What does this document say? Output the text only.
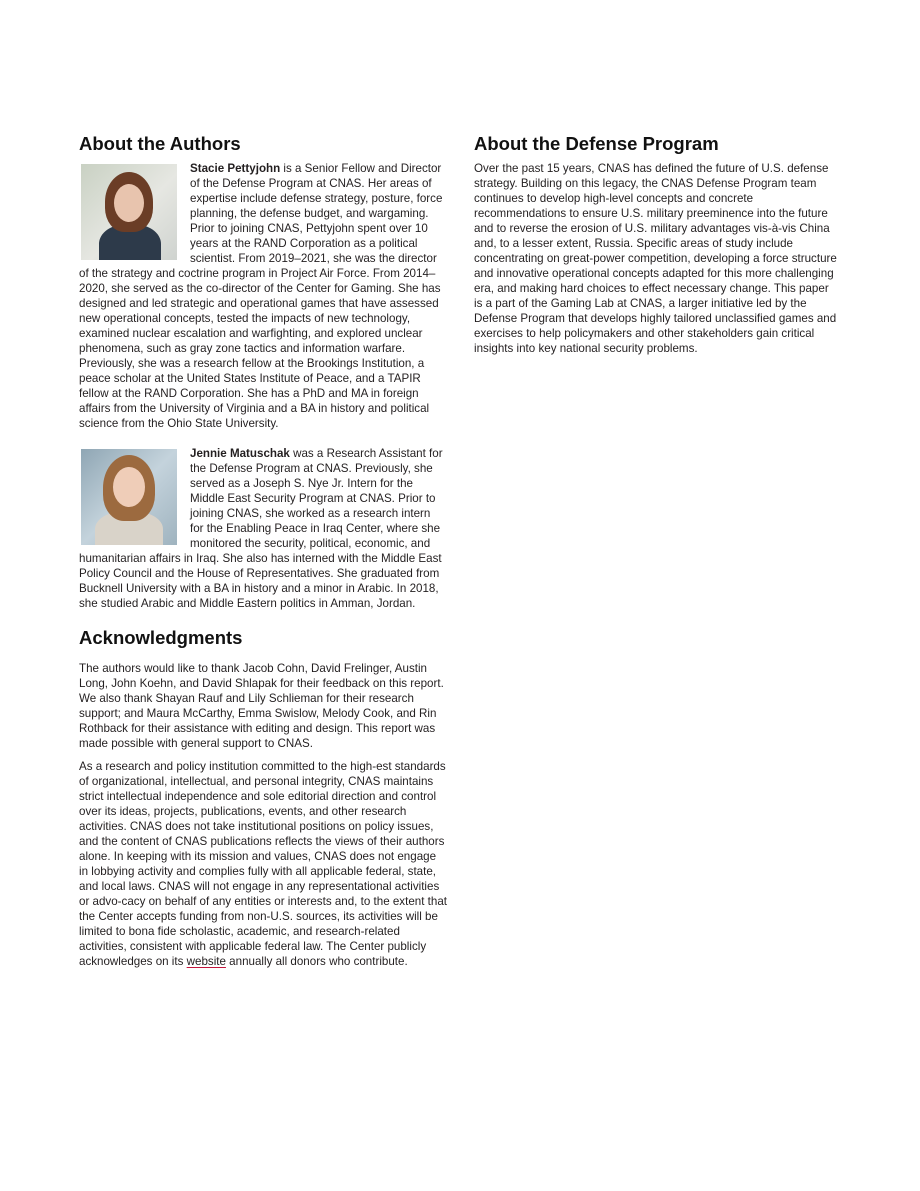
About the Authors

Stacie Pettyjohn is a Senior Fellow and Director of the Defense Program at CNAS. Her areas of expertise include defense strategy, posture, force planning, the defense budget, and wargaming. Prior to joining CNAS, Pettyjohn spent over 10 years at the RAND Corporation as a political scientist. From 2019–2021, she was the director of the strategy and coctrine program in Project Air Force. From 2014–2020, she served as the co-director of the Center for Gaming. She has designed and led strategic and operational games that have assessed new operational concepts, tested the impacts of new technology, examined nuclear escalation and warfighting, and explored unclear phenomena, such as gray zone tactics and information warfare. Previously, she was a research fellow at the Brookings Institution, a peace scholar at the United States Institute of Peace, and a TAPIR fellow at the RAND Corporation. She has a PhD and MA in foreign affairs from the University of Virginia and a BA in history and political science from the Ohio State University.

Jennie Matuschak was a Research Assistant for the Defense Program at CNAS. Previously, she served as a Joseph S. Nye Jr. Intern for the Middle East Security Program at CNAS. Prior to joining CNAS, she worked as a research intern for the Enabling Peace in Iraq Center, where she monitored the security, political, economic, and humanitarian affairs in Iraq. She also has interned with the Middle East Policy Council and the House of Representatives. She graduated from Bucknell University with a BA in history and a minor in Arabic. In 2018, she studied Arabic and Middle Eastern politics in Amman, Jordan.

Acknowledgments

The authors would like to thank Jacob Cohn, David Frelinger, Austin Long, John Koehn, and David Shlapak for their feedback on this report. We also thank Shayan Rauf and Lily Schlieman for their research support; and Maura McCarthy, Emma Swislow, Melody Cook, and Rin Rothback for their assistance with editing and design. This report was made possible with general support to CNAS.

As a research and policy institution committed to the high-est standards of organizational, intellectual, and personal integrity, CNAS maintains strict intellectual independence and sole editorial direction and control over its ideas, projects, publications, events, and other research activities. CNAS does not take institutional positions on policy issues, and the content of CNAS publications reflects the views of their authors alone. In keeping with its mission and values, CNAS does not engage in lobbying activity and complies fully with all applicable federal, state, and local laws. CNAS will not engage in any representational activities or advo-cacy on behalf of any entities or interests and, to the extent that the Center accepts funding from non-U.S. sources, its activities will be limited to bona fide scholastic, academic, and research-related activities, consistent with applicable federal law. The Center publicly acknowledges on its website annually all donors who contribute.

About the Defense Program

Over the past 15 years, CNAS has defined the future of U.S. defense strategy. Building on this legacy, the CNAS Defense Program team continues to develop high-level concepts and concrete recommendations to ensure U.S. military preeminence into the future and to reverse the erosion of U.S. military advantages vis-à-vis China and, to a lesser extent, Russia. Specific areas of study include concentrating on great-power competition, developing a force structure and innovative operational concepts adapted for this more challenging era, and making hard choices to effect necessary change. This paper is a part of the Gaming Lab at CNAS, a larger initiative led by the Defense Program that develops highly tailored unclassified games and exercises to help policymakers and other stakeholders gain critical insights into key national security problems.
